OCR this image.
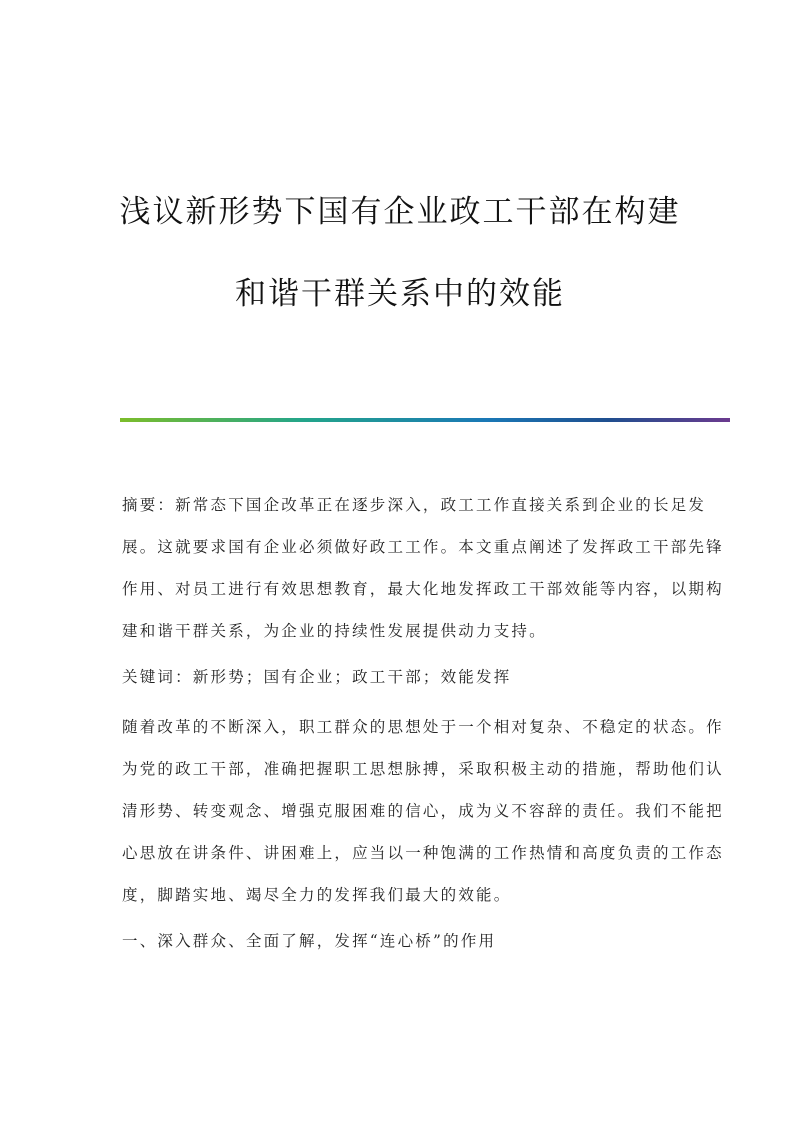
浅议新形势下国有企业政工干部在构建
和谐干群关系中的效能
摘要：新常态下国企改革正在逐步深入，政工工作直接关系到企业的长足发
展。这就要求国有企业必须做好政工工作。本文重点阐述了发挥政工干部先锋
作用、对员工进行有效思想教育，最大化地发挥政工干部效能等内容，以期构
建和谐干群关系，为企业的持续性发展提供动力支持。
关键词：新形势；国有企业；政工干部；效能发挥
随着改革的不断深入，职工群众的思想处于一个相对复杂、不稳定的状态。作
为党的政工干部，准确把握职工思想脉搏，采取积极主动的措施，帮助他们认
清形势、转变观念、增强克服困难的信心，成为义不容辞的责任。我们不能把
心思放在讲条件、讲困难上，应当以一种饱满的工作热情和高度负责的工作态
度，脚踏实地、竭尽全力的发挥我们最大的效能。
一、深入群众、全面了解，发挥“连心桥”的作用
